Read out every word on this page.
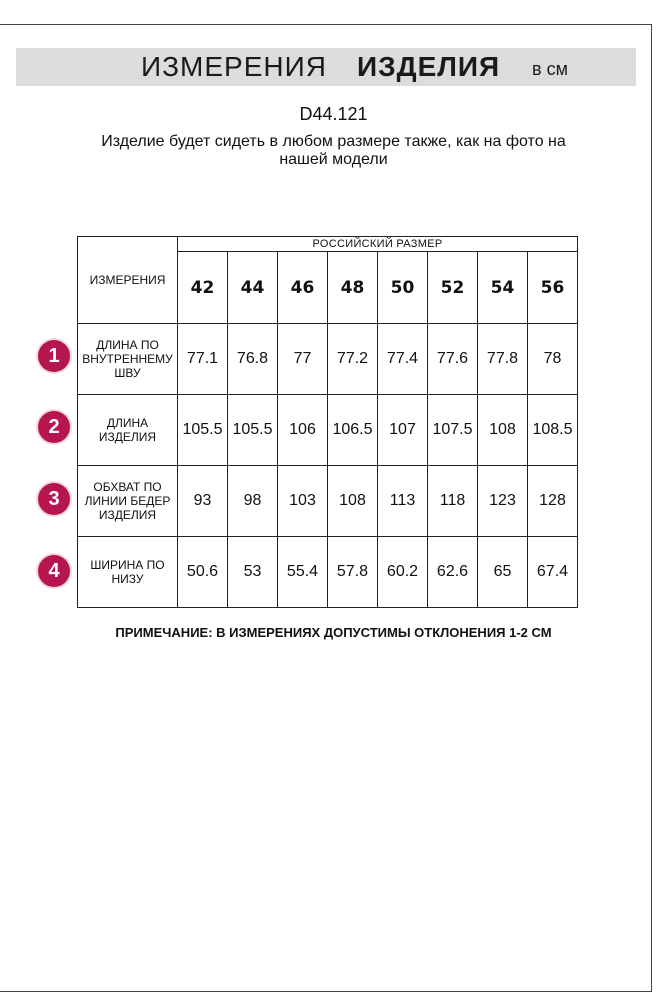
ИЗМЕРЕНИЯ ИЗДЕЛИЯ в см
D44.121
Изделие будет сидеть в любом размере также, как на фото на
нашей модели
ИЗМЕРЕНИЯ	РОССИЙСКИЙ РАЗМЕР							
	42	44	46	48	50	52	54	56

ДЛИНА ПО
ВНУТРЕННЕМУ
ШВУ	77.1	76.8	77	77.2	77.4	77.6	77.8	78

ДЛИНА
ИЗДЕЛИЯ	105.5	105.5	106	106.5	107	107.5	108	108.5

ОБХВАТ ПО
ЛИНИИ БЕДЕР
ИЗДЕЛИЯ	93	98	103	108	113	118	123	128

ШИРИНА ПО
НИЗУ	50.6	53	55.4	57.8	60.2	62.6	65	67.4
1
2
3
4
ПРИМЕЧАНИЕ: В ИЗМЕРЕНИЯХ ДОПУСТИМЫ ОТКЛОНЕНИЯ 1-2 СМ
